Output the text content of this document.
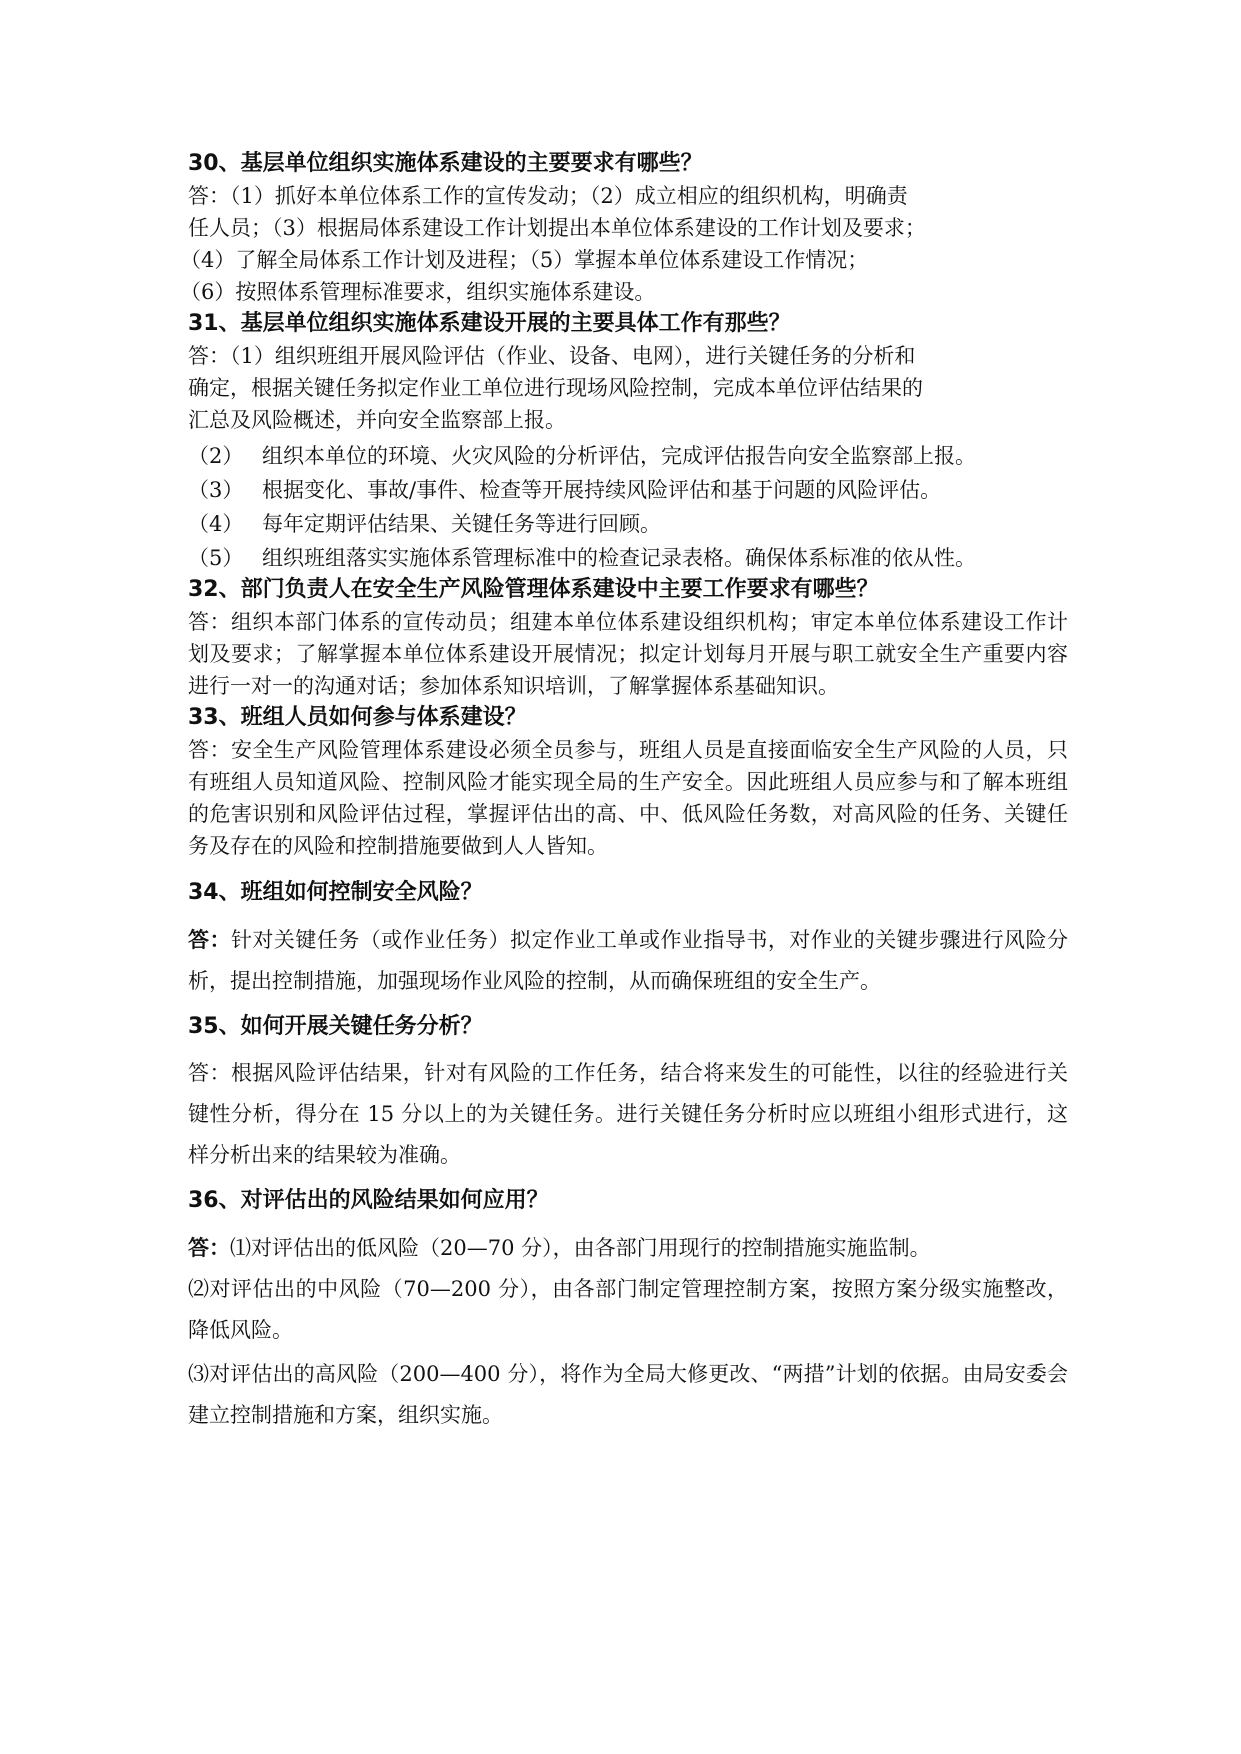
30、基层单位组织实施体系建设的主要要求有哪些？

答：（1）抓好本单位体系工作的宣传发动；（2）成立相应的组织机构，明确责

任人员；（3）根据局体系建设工作计划提出本单位体系建设的工作计划及要求；

（4）了解全局体系工作计划及进程；（5）掌握本单位体系建设工作情况；

（6）按照体系管理标准要求，组织实施体系建设。

31、基层单位组织实施体系建设开展的主要具体工作有那些？

答：（1）组织班组开展风险评估（作业、设备、电网），进行关键任务的分析和

确定，根据关键任务拟定作业工单位进行现场风险控制，完成本单位评估结果的

汇总及风险概述，并向安全监察部上报。

（2） 组织本单位的环境、火灾风险的分析评估，完成评估报告向安全监察部上报。
（3） 根据变化、事故/事件、检查等开展持续风险评估和基于问题的风险评估。
（4） 每年定期评估结果、关键任务等进行回顾。
（5） 组织班组落实实施体系管理标准中的检查记录表格。确保体系标准的依从性。

32、部门负责人在安全生产风险管理体系建设中主要工作要求有哪些？

答：组织本部门体系的宣传动员；组建本单位体系建设组织机构；审定本单位体系建设工作计划及要求；了解掌握本单位体系建设开展情况；拟定计划每月开展与职工就安全生产重要内容进行一对一的沟通对话；参加体系知识培训，了解掌握体系基础知识。

33、班组人员如何参与体系建设？

答：安全生产风险管理体系建设必须全员参与，班组人员是直接面临安全生产风险的人员，只有班组人员知道风险、控制风险才能实现全局的生产安全。因此班组人员应参与和了解本班组的危害识别和风险评估过程，掌握评估出的高、中、低风险任务数，对高风险的任务、关键任务及存在的风险和控制措施要做到人人皆知。

34、班组如何控制安全风险？

答：针对关键任务（或作业任务）拟定作业工单或作业指导书，对作业的关键步骤进行风险分析，提出控制措施，加强现场作业风险的控制，从而确保班组的安全生产。

35、如何开展关键任务分析？

答：根据风险评估结果，针对有风险的工作任务，结合将来发生的可能性，以往的经验进行关键性分析，得分在 15 分以上的为关键任务。进行关键任务分析时应以班组小组形式进行，这样分析出来的结果较为准确。

36、对评估出的风险结果如何应用？

答：⑴对评估出的低风险（20—70 分），由各部门用现行的控制措施实施监制。

⑵对评估出的中风险（70—200 分），由各部门制定管理控制方案，按照方案分级实施整改，降低风险。

⑶对评估出的高风险（200—400 分），将作为全局大修更改、“两措”计划的依据。由局安委会建立控制措施和方案，组织实施。
